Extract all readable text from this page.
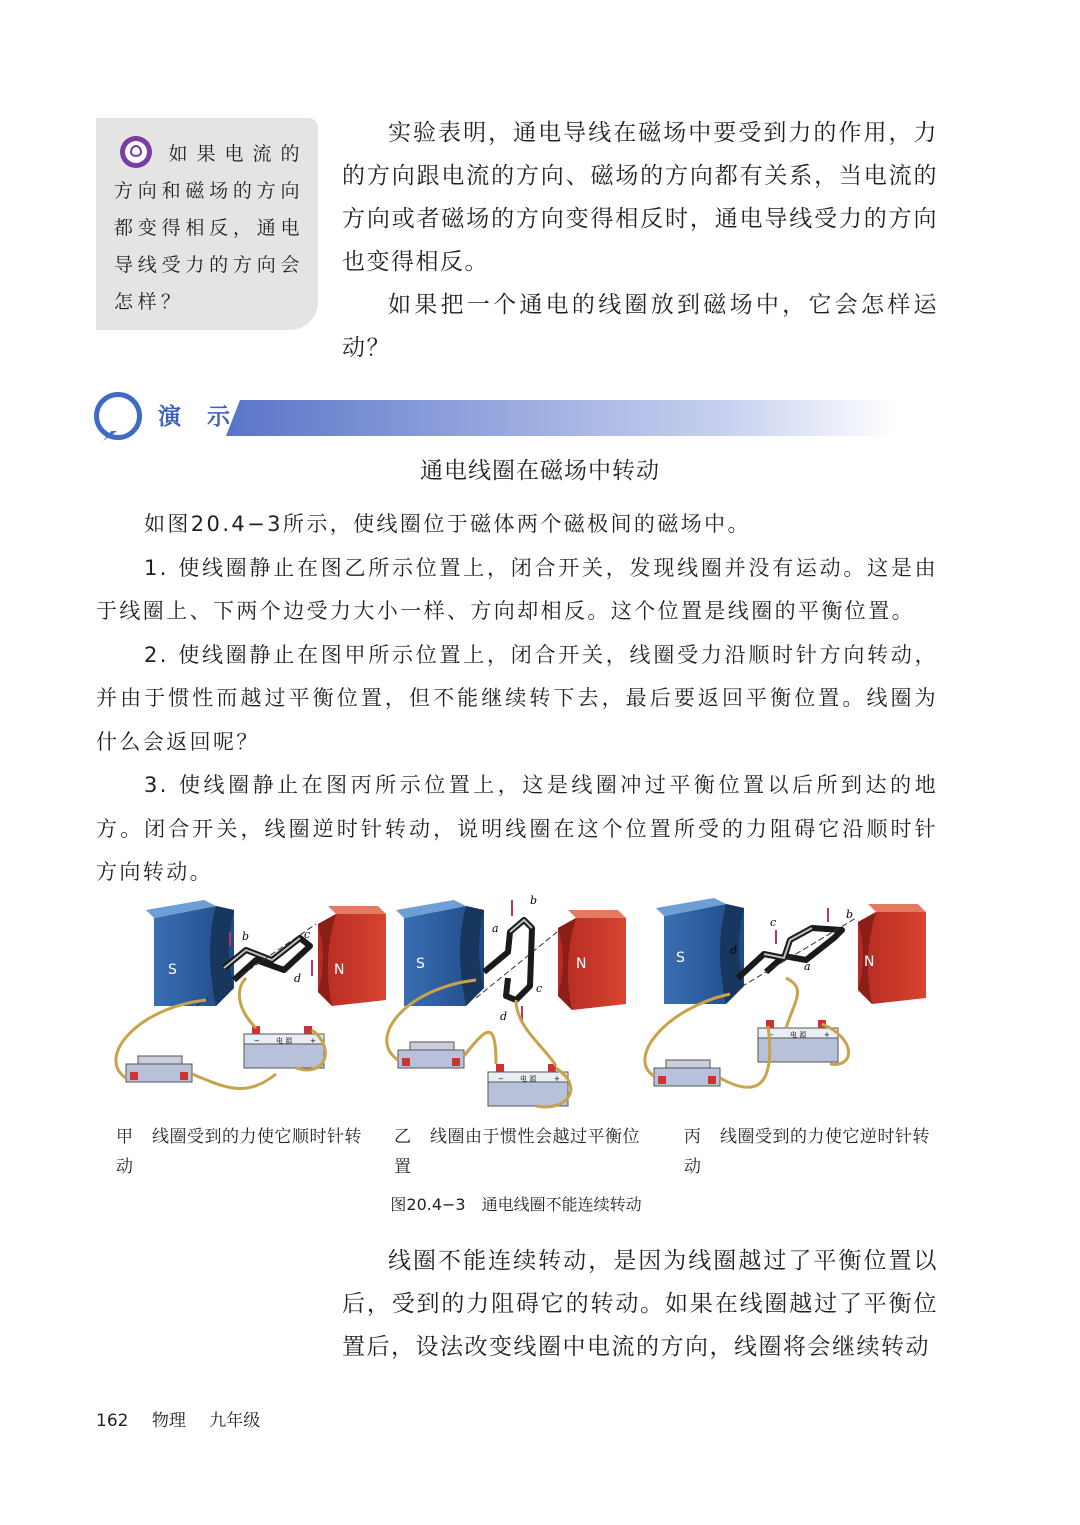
如果电流的方向和磁场的方向都变得相反，通电导线受力的方向会怎样？

实验表明，通电导线在磁场中要受到力的作用，力的方向跟电流的方向、磁场的方向都有关系，当电流的方向或者磁场的方向变得相反时，通电导线受力的方向也变得相反。

如果把一个通电的线圈放到磁场中，它会怎样运动？

演 示
通电线圈在磁场中转动

如图20.4−3所示，使线圈位于磁体两个磁极间的磁场中。

1. 使线圈静止在图乙所示位置上，闭合开关，发现线圈并没有运动。这是由于线圈上、下两个边受力大小一样、方向却相反。这个位置是线圈的平衡位置。

2. 使线圈静止在图甲所示位置上，闭合开关，线圈受力沿顺时针方向转动，并由于惯性而越过平衡位置，但不能继续转下去，最后要返回平衡位置。线圈为什么会返回呢？

3. 使线圈静止在图丙所示位置上，这是线圈冲过平衡位置以后所到达的地方。闭合开关，线圈逆时针转动，说明线圈在这个位置所受的力阻碍它沿顺时针方向转动。

S	N
b	c
d
− 电 源	+
S	N
a
b
c
d
− 电 源	+
S	N
c
b
a
d
− 电 源	+
甲 线圈受到的力使它顺时针转动
乙 线圈由于惯性会越过平衡位置
丙 线圈受到的力使它逆时针转动
图20.4−3　通电线圈不能连续转动

线圈不能连续转动，是因为线圈越过了平衡位置以后，受到的力阻碍它的转动。如果在线圈越过了平衡位置后，设法改变线圈中电流的方向，线圈将会继续转动

162 物理 九年级
